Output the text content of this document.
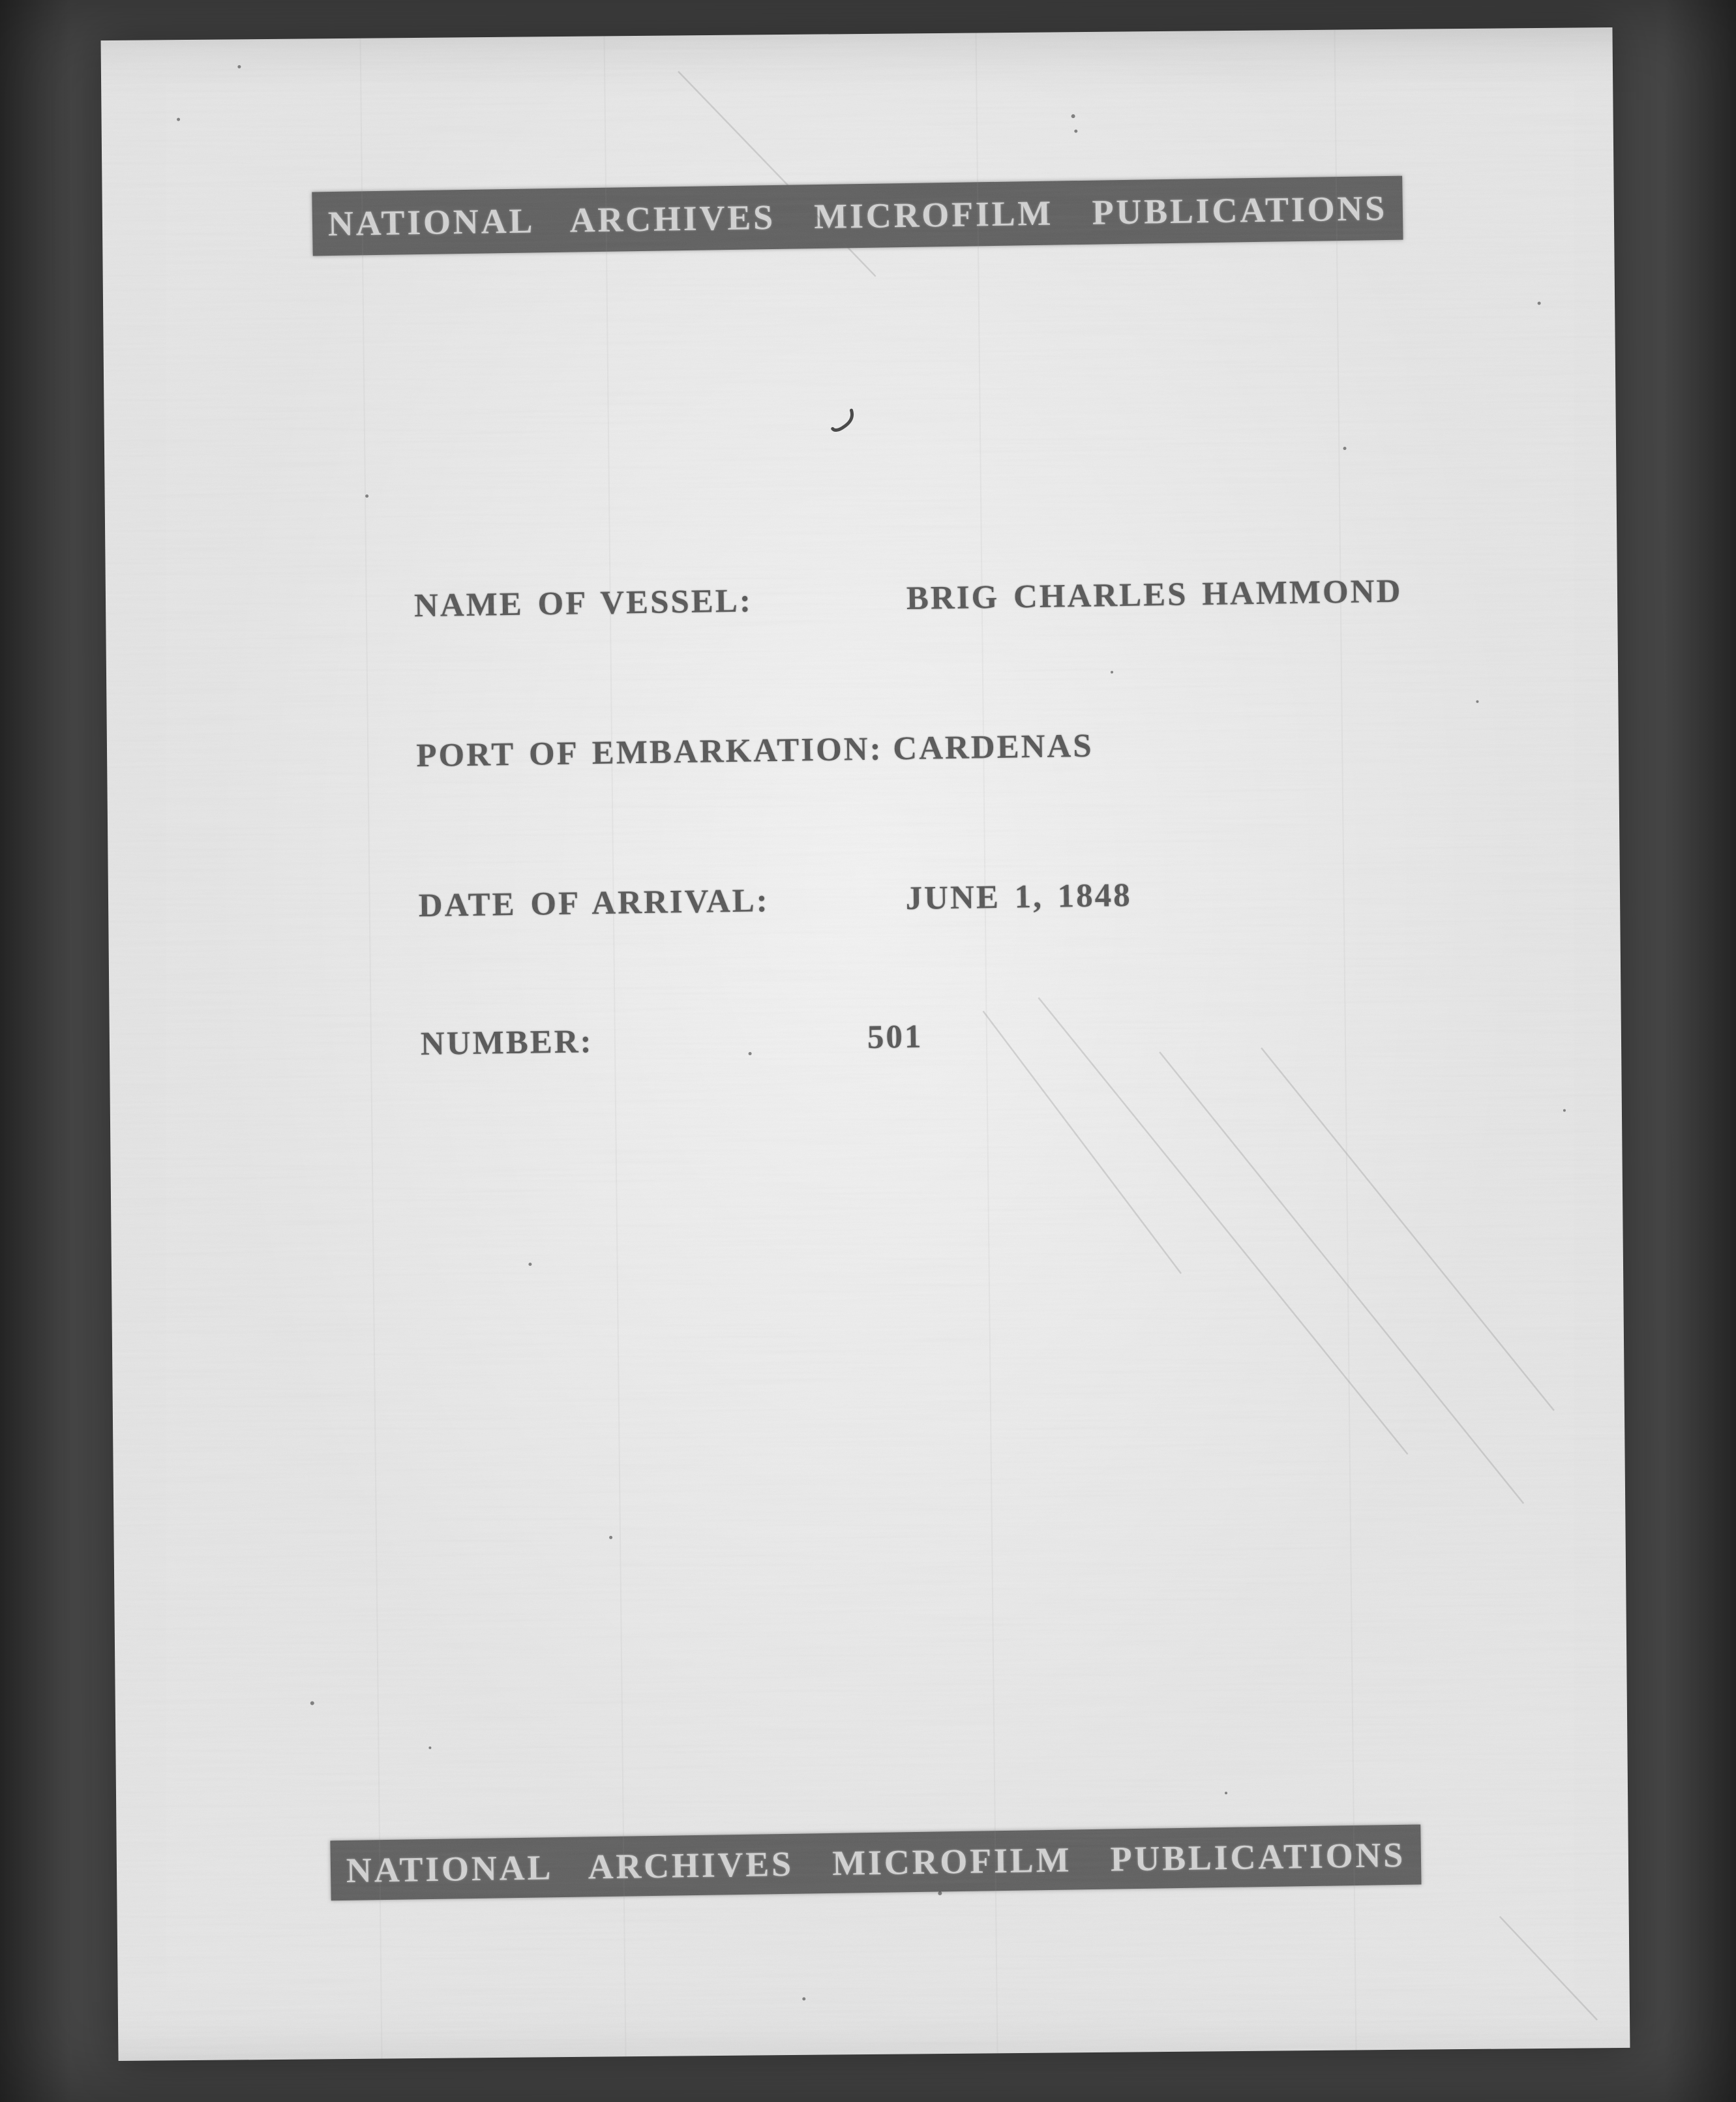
NATIONAL ARCHIVES MICROFILM PUBLICATIONS
NAME OF VESSEL:	BRIG CHARLES HAMMOND
PORT OF EMBARKATION: CARDENAS
DATE OF ARRIVAL:	JUNE 1, 1848
NUMBER:	501
NATIONAL ARCHIVES MICROFILM PUBLICATIONS
